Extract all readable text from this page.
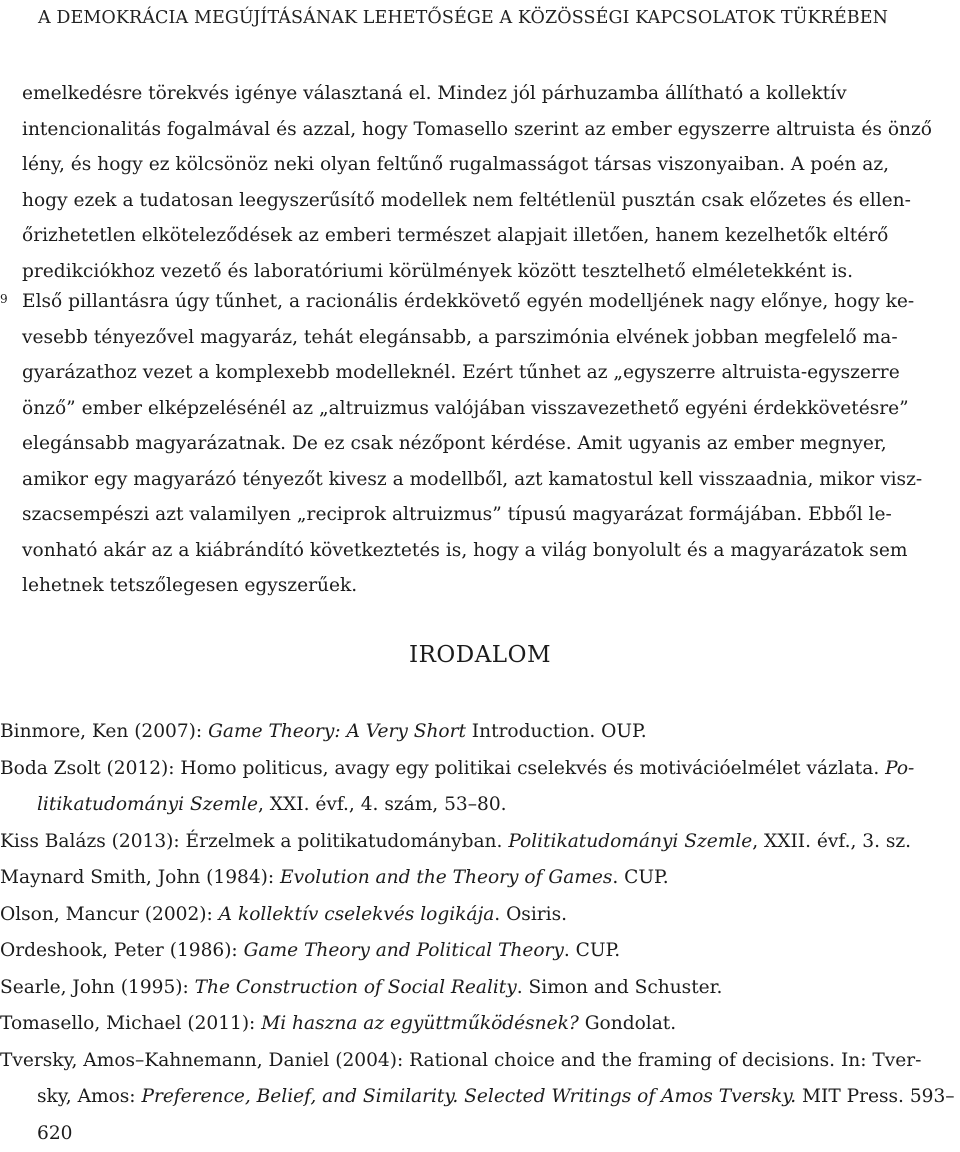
A DEMOKRÁCIA MEGÚJÍTÁSÁNAK LEHETŐSÉGE A KÖZÖSSÉGI KAPCSOLATOK TÜKRÉBEN

emelkedésre törekvés igénye választaná el. Mindez jól párhuzamba állítható a kollektív
intencionalitás fogalmával és azzal, hogy Tomasello szerint az ember egyszerre altruista és önző
lény, és hogy ez kölcsönöz neki olyan feltűnő rugalmasságot társas viszonyaiban. A poén az,
hogy ezek a tudatosan leegyszerűsítő modellek nem feltétlenül pusztán csak előzetes és ellen-
őrizhetetlen elköteleződések az emberi természet alapjait illetően, hanem kezelhetők eltérő
predikciókhoz vezető és laboratóriumi körülmények között tesztelhető elméletekként is.

9 Első pillantásra úgy tűnhet, a racionális érdekkövető egyén modelljének nagy előnye, hogy ke-
vesebb tényezővel magyaráz, tehát elegánsabb, a parszimónia elvének jobban megfelelő ma-
gyarázathoz vezet a komplexebb modelleknél. Ezért tűnhet az „egyszerre altruista-egyszerre
önző” ember elképzelésénél az „altruizmus valójában visszavezethető egyéni érdekkövetésre”
elegánsabb magyarázatnak. De ez csak nézőpont kérdése. Amit ugyanis az ember megnyer,
amikor egy magyarázó tényezőt kivesz a modellből, azt kamatostul kell visszaadnia, mikor visz-
szacsempészi azt valamilyen „reciprok altruizmus” típusú magyarázat formájában. Ebből le-
vonható akár az a kiábrándító következtetés is, hogy a világ bonyolult és a magyarázatok sem
lehetnek tetszőlegesen egyszerűek.

IRODALOM

Binmore, Ken (2007): Game Theory: A Very Short Introduction. OUP.

Boda Zsolt (2012): Homo politicus, avagy egy politikai cselekvés és motivációelmélet vázlata. Po-
litikatudományi Szemle, XXI. évf., 4. szám, 53–80.

Kiss Balázs (2013): Érzelmek a politikatudományban. Politikatudományi Szemle, XXII. évf., 3. sz.

Maynard Smith, John (1984): Evolution and the Theory of Games. CUP.

Olson, Mancur (2002): A kollektív cselekvés logikája. Osiris.

Ordeshook, Peter (1986): Game Theory and Political Theory. CUP.

Searle, John (1995): The Construction of Social Reality. Simon and Schuster.

Tomasello, Michael (2011): Mi haszna az együttműködésnek? Gondolat.

Tversky, Amos–Kahnemann, Daniel (2004): Rational choice and the framing of decisions. In: Tver-
sky, Amos: Preference, Belief, and Similarity. Selected Writings of Amos Tversky. MIT Press. 593–
620
